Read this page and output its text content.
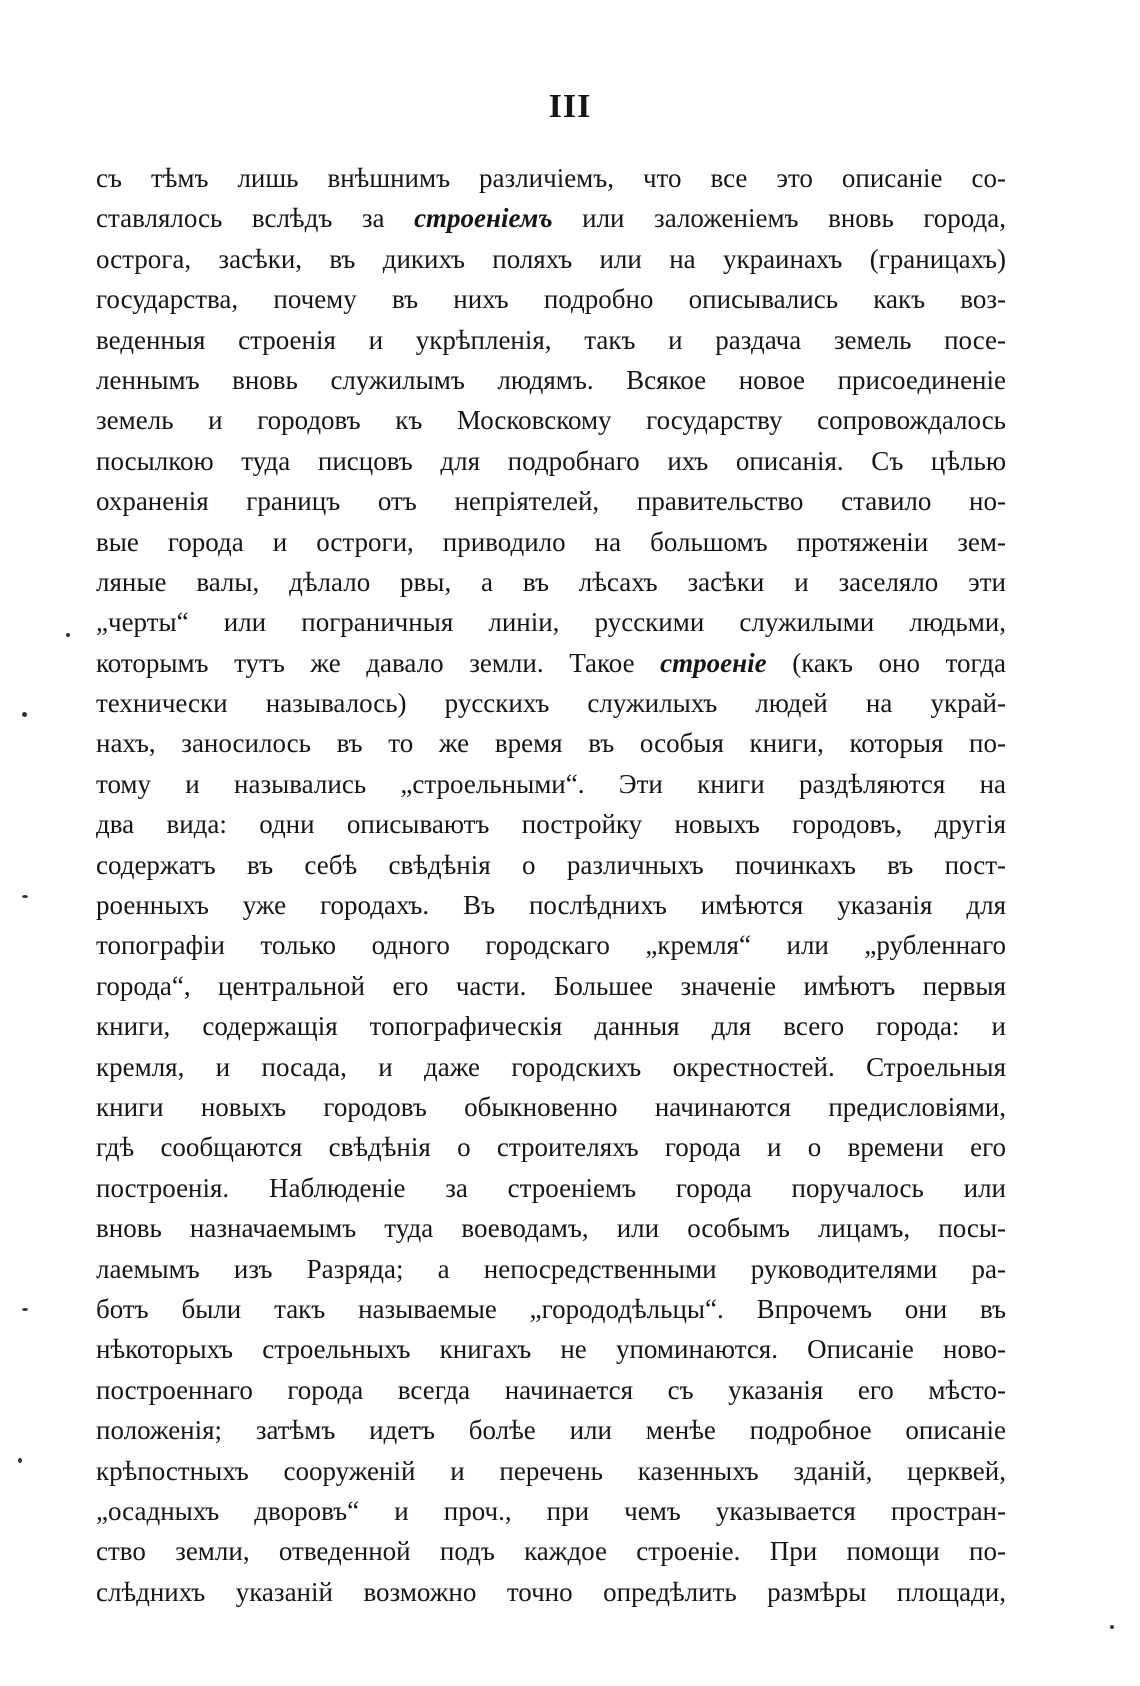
III
съ тѣмъ лишь внѣшнимъ различіемъ, что все это описаніе со-
ставлялось вслѣдъ за строеніемъ или заложеніемъ вновь города,
острога, засѣки, въ дикихъ поляхъ или на украинахъ (границахъ)
государства, почему въ нихъ подробно описывались какъ воз-
веденныя строенія и укрѣпленія, такъ и раздача земель посе-
леннымъ вновь служилымъ людямъ. Всякое новое присоединеніе
земель и городовъ къ Московскому государству сопровождалось
посылкою туда писцовъ для подробнаго ихъ описанія. Съ цѣлью
охраненія границъ отъ непріятелей, правительство ставило но-
вые города и остроги, приводило на большомъ протяженіи зем-
ляные валы, дѣлало рвы, а въ лѣсахъ засѣки и заселяло эти
„черты“ или пограничныя линіи, русскими служилыми людьми,
которымъ тутъ же давало земли. Такое строеніе (какъ оно тогда
технически называлось) русскихъ служилыхъ людей на украй-
нахъ, заносилось въ то же время въ особыя книги, которыя по-
тому и назывались „строельными“. Эти книги раздѣляются на
два вида: одни описываютъ постройку новыхъ городовъ, другія
содержатъ въ себѣ свѣдѣнія о различныхъ починкахъ въ пост-
роенныхъ уже городахъ. Въ послѣднихъ имѣются указанія для
топографіи только одного городскаго „кремля“ или „рубленнаго
города“, центральной его части. Большее значеніе имѣютъ первыя
книги, содержащія топографическія данныя для всего города: и
кремля, и посада, и даже городскихъ окрестностей. Строельныя
книги новыхъ городовъ обыкновенно начинаются предисловіями,
гдѣ сообщаются свѣдѣнія о строителяхъ города и о времени его
построенія. Наблюденіе за строеніемъ города поручалось или
вновь назначаемымъ туда воеводамъ, или особымъ лицамъ, посы-
лаемымъ изъ Разряда; а непосредственными руководителями ра-
ботъ были такъ называемые „горододѣльцы“. Впрочемъ они въ
нѣкоторыхъ строельныхъ книгахъ не упоминаются. Описаніе ново-
построеннаго города всегда начинается съ указанія его мѣсто-
положенія; затѣмъ идетъ болѣе или менѣе подробное описаніе
крѣпостныхъ сооруженій и перечень казенныхъ зданій, церквей,
„осадныхъ дворовъ“ и проч., при чемъ указывается простран-
ство земли, отведенной подъ каждое строеніе. При помощи по-
слѣднихъ указаній возможно точно опредѣлить размѣры площади,
